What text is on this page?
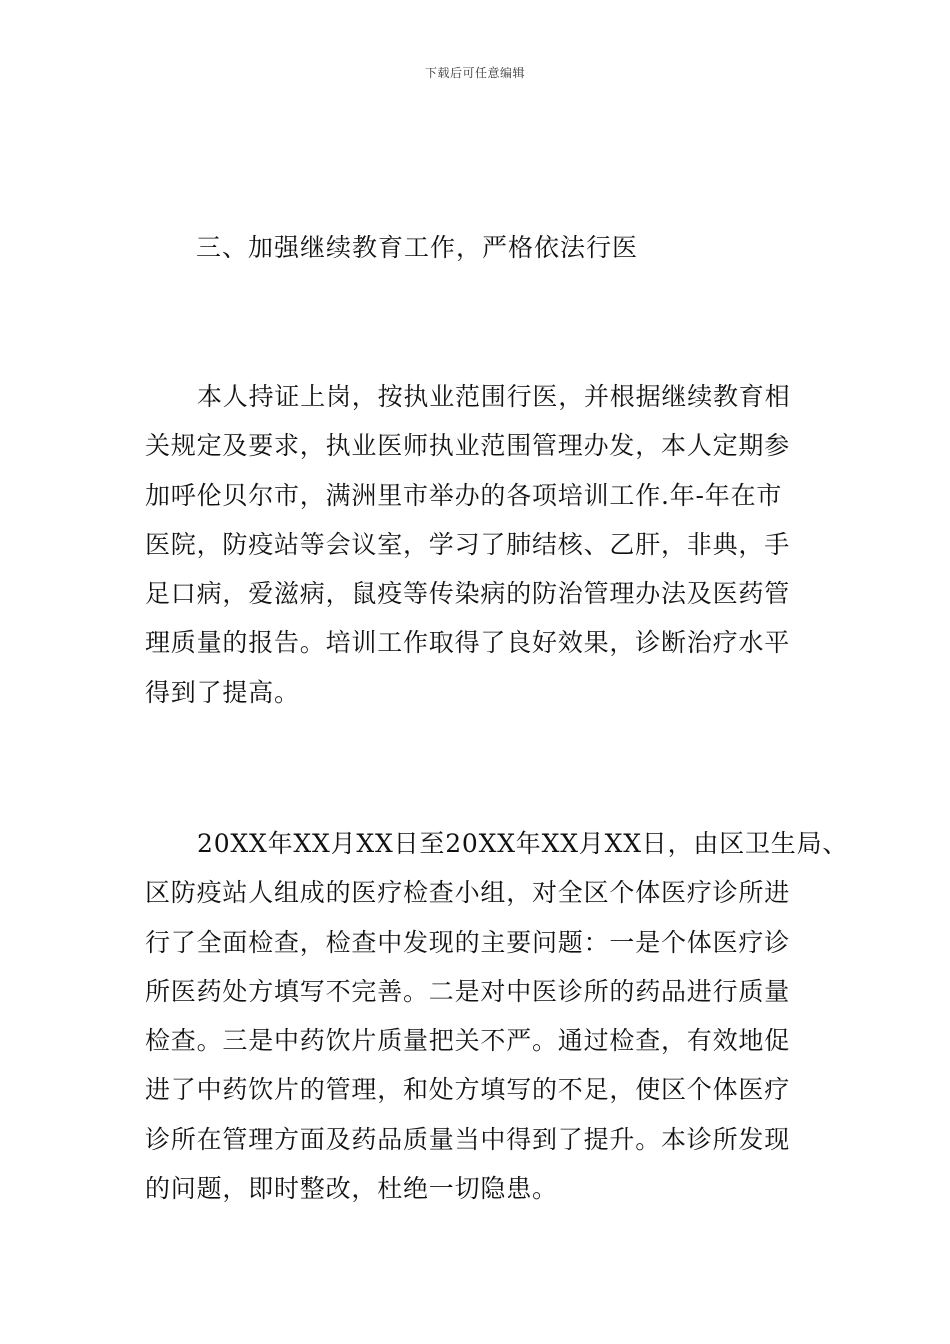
下载后可任意编辑
三、加强继续教育工作，严格依法行医
本人持证上岗，按执业范围行医，并根据继续教育相
关规定及要求，执业医师执业范围管理办发，本人定期参
加呼伦贝尔市，满洲里市举办的各项培训工作.年-年在市
医院，防疫站等会议室，学习了肺结核、乙肝，非典，手
足口病，爱滋病，鼠疫等传染病的防治管理办法及医药管
理质量的报告。培训工作取得了良好效果，诊断治疗水平
得到了提高。
20XX年XX月XX日至20XX年XX月XX日，由区卫生局、
区防疫站人组成的医疗检查小组，对全区个体医疗诊所进
行了全面检查，检查中发现的主要问题：一是个体医疗诊
所医药处方填写不完善。二是对中医诊所的药品进行质量
检查。三是中药饮片质量把关不严。通过检查，有效地促
进了中药饮片的管理，和处方填写的不足，使区个体医疗
诊所在管理方面及药品质量当中得到了提升。本诊所发现
的问题，即时整改，杜绝一切隐患。
